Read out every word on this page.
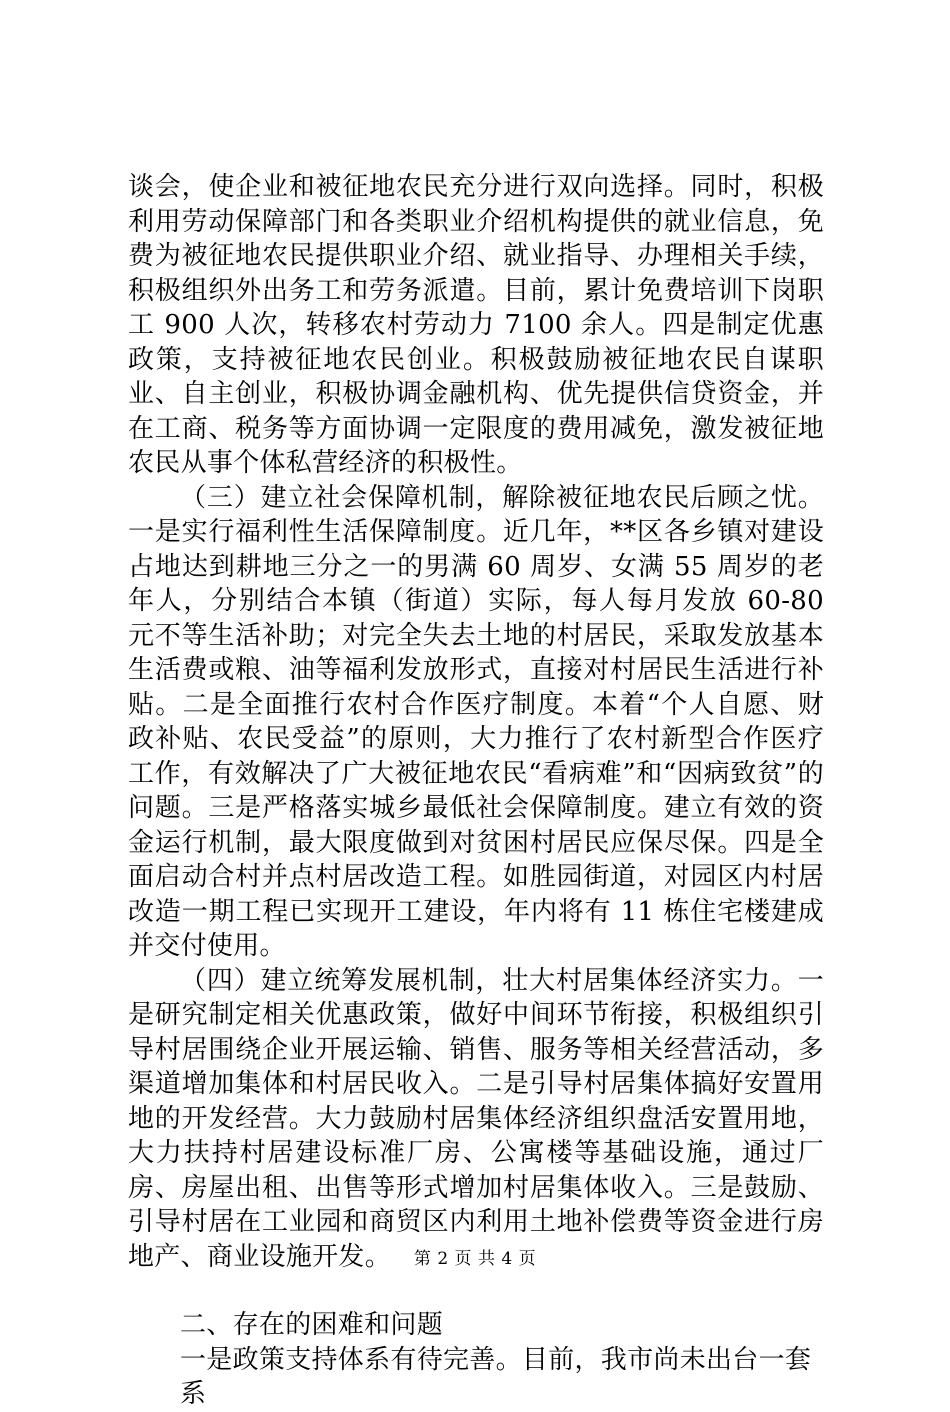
谈会，使企业和被征地农民充分进行双向选择。同时，积极利用劳动保障部门和各类职业介绍机构提供的就业信息，免费为被征地农民提供职业介绍、就业指导、办理相关手续，积极组织外出务工和劳务派遣。目前，累计免费培训下岗职工 900 人次，转移农村劳动力 7100 余人。四是制定优惠政策，支持被征地农民创业。积极鼓励被征地农民自谋职业、自主创业，积极协调金融机构、优先提供信贷资金，并在工商、税务等方面协调一定限度的费用减免，激发被征地农民从事个体私营经济的积极性。

（三）建立社会保障机制，解除被征地农民后顾之忧。一是实行福利性生活保障制度。近几年，**区各乡镇对建设占地达到耕地三分之一的男满 60 周岁、女满 55 周岁的老年人，分别结合本镇（街道）实际，每人每月发放 60-80 元不等生活补助；对完全失去土地的村居民，采取发放基本生活费或粮、油等福利发放形式，直接对村居民生活进行补贴。二是全面推行农村合作医疗制度。本着“个人自愿、财政补贴、农民受益”的原则，大力推行了农村新型合作医疗工作，有效解决了广大被征地农民“看病难”和“因病致贫”的问题。三是严格落实城乡最低社会保障制度。建立有效的资金运行机制，最大限度做到对贫困村居民应保尽保。四是全面启动合村并点村居改造工程。如胜园街道，对园区内村居改造一期工程已实现开工建设，年内将有 11 栋住宅楼建成并交付使用。

（四）建立统筹发展机制，壮大村居集体经济实力。一是研究制定相关优惠政策，做好中间环节衔接，积极组织引导村居围绕企业开展运输、销售、服务等相关经营活动，多渠道增加集体和村居民收入。二是引导村居集体搞好安置用地的开发经营。大力鼓励村居集体经济组织盘活安置用地，大力扶持村居建设标准厂房、公寓楼等基础设施，通过厂房、房屋出租、出售等形式增加村居集体收入。三是鼓励、引导村居在工业园和商贸区内利用土地补偿费等资金进行房地产、商业设施开发。

二、存在的困难和问题

一是政策支持体系有待完善。目前，我市尚未出台一套系

第 2 页 共 4 页
